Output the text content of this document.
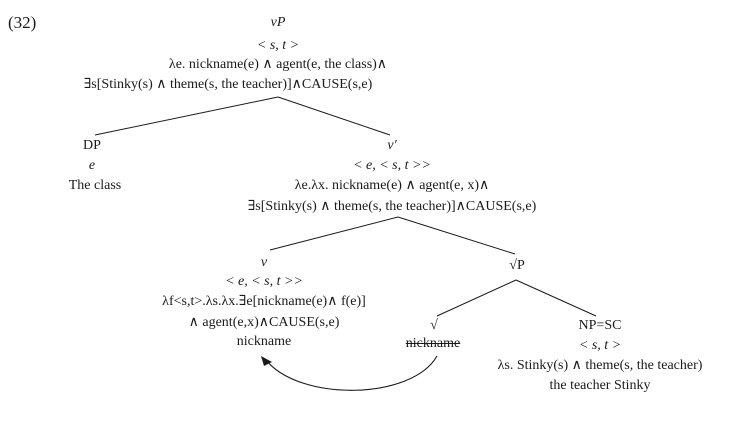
(32)	vP
< s, t >
λe. nickname(e) ∧ agent(e, the class)∧
∃s[Stinky(s) ∧ theme(s, the teacher)]∧CAUSE(s,e)
DP
e
The class
v′
< e, < s, t >>
λe.λx. nickname(e) ∧ agent(e, x)∧
∃s[Stinky(s) ∧ theme(s, the teacher)]∧CAUSE(s,e)
v
< e, < s, t >>
λf<s,t>.λs.λx.∃e[nickname(e)∧ f(e)]
∧ agent(e,x)∧CAUSE(s,e)
nickname
√P
√
nickname
NP=SC
< s, t >
λs. Stinky(s) ∧ theme(s, the teacher)
the teacher Stinky
